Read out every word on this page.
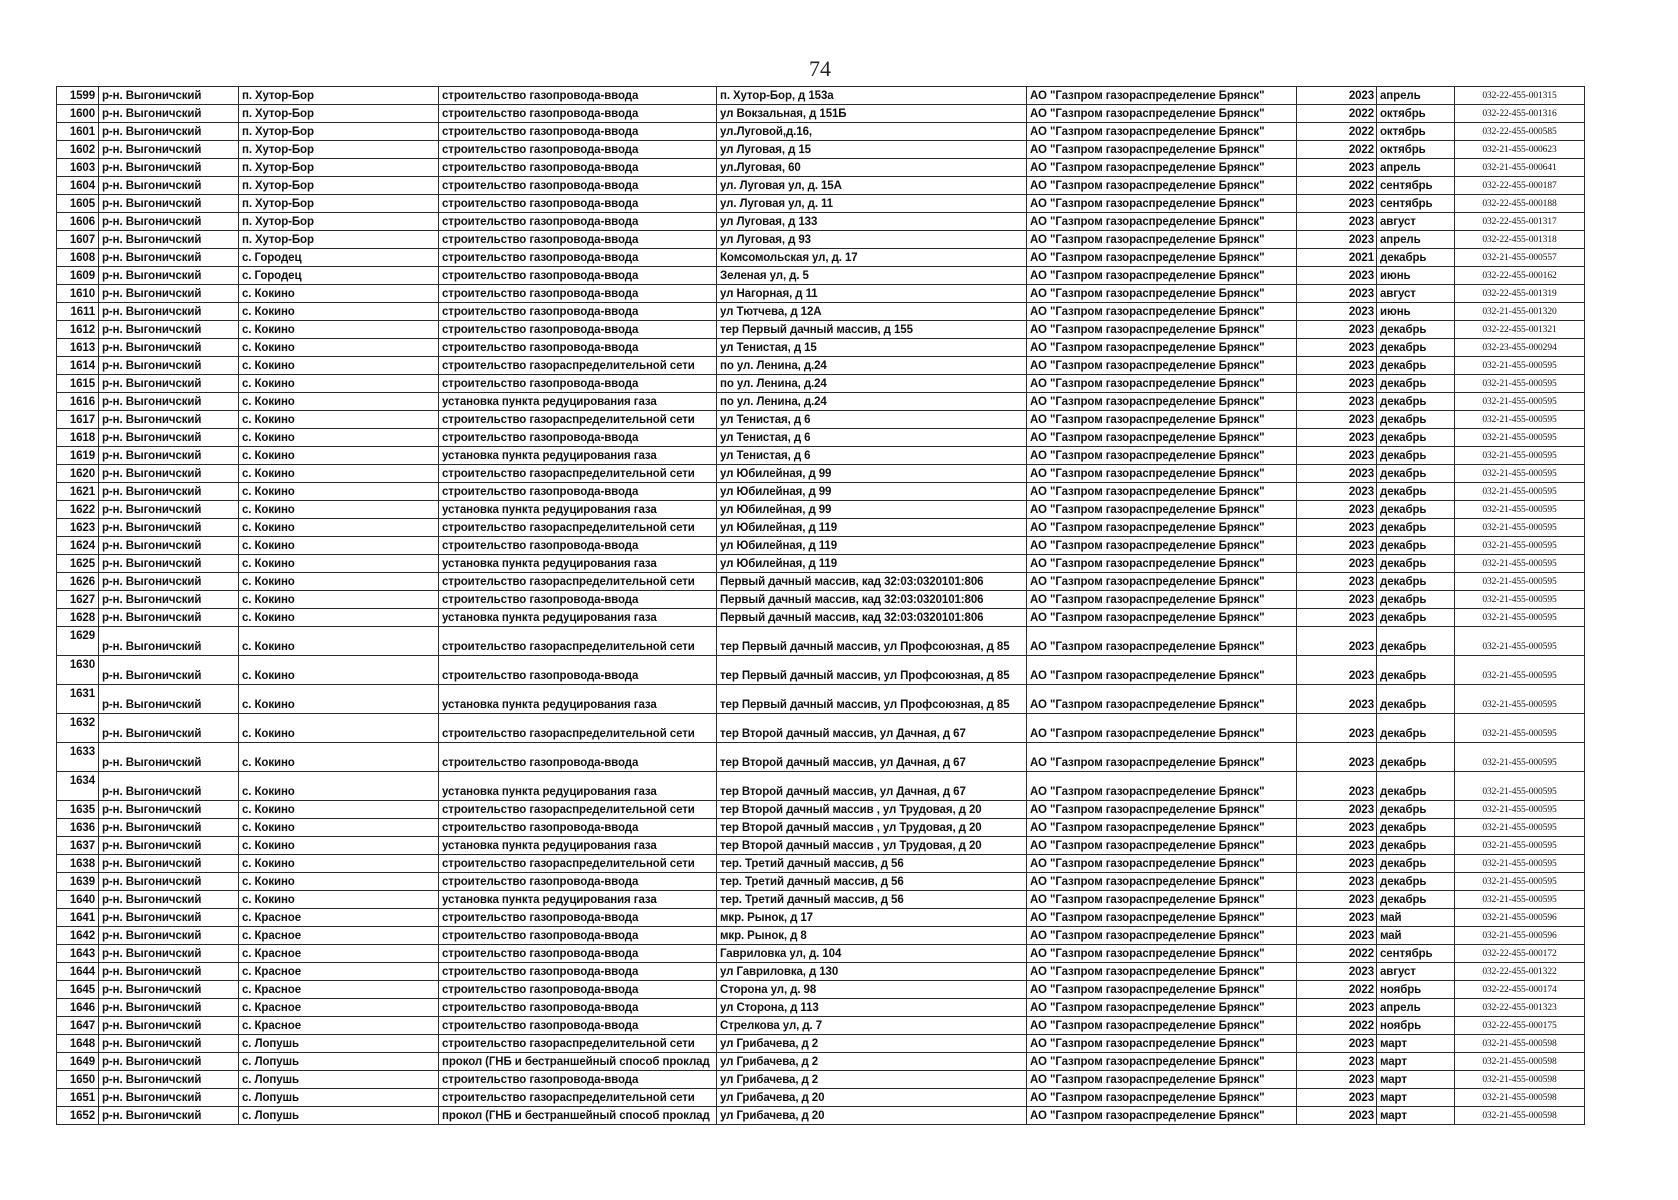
74
1599	р-н. Выгоничский	п. Хутор-Бор	строительство газопровода-ввода	п. Хутор-Бор, д 153а	АО "Газпром газораспределение Брянск"	2023	апрель	032-22-455-001315
1600	р-н. Выгоничский	п. Хутор-Бор	строительство газопровода-ввода	ул Вокзальная, д 151Б	АО "Газпром газораспределение Брянск"	2022	октябрь	032-22-455-001316
1601	р-н. Выгоничский	п. Хутор-Бор	строительство газопровода-ввода	ул.Луговой,д.16,	АО "Газпром газораспределение Брянск"	2022	октябрь	032-22-455-000585
1602	р-н. Выгоничский	п. Хутор-Бор	строительство газопровода-ввода	ул Луговая, д 15	АО "Газпром газораспределение Брянск"	2022	октябрь	032-21-455-000623
1603	р-н. Выгоничский	п. Хутор-Бор	строительство газопровода-ввода	ул.Луговая, 60	АО "Газпром газораспределение Брянск"	2023	апрель	032-21-455-000641
1604	р-н. Выгоничский	п. Хутор-Бор	строительство газопровода-ввода	ул. Луговая ул, д. 15А	АО "Газпром газораспределение Брянск"	2022	сентябрь	032-22-455-000187
1605	р-н. Выгоничский	п. Хутор-Бор	строительство газопровода-ввода	ул. Луговая ул, д. 11	АО "Газпром газораспределение Брянск"	2023	сентябрь	032-22-455-000188
1606	р-н. Выгоничский	п. Хутор-Бор	строительство газопровода-ввода	ул Луговая, д 133	АО "Газпром газораспределение Брянск"	2023	август	032-22-455-001317
1607	р-н. Выгоничский	п. Хутор-Бор	строительство газопровода-ввода	ул Луговая, д 93	АО "Газпром газораспределение Брянск"	2023	апрель	032-22-455-001318
1608	р-н. Выгоничский	с. Городец	строительство газопровода-ввода	Комсомольская ул, д. 17	АО "Газпром газораспределение Брянск"	2021	декабрь	032-21-455-000557
1609	р-н. Выгоничский	с. Городец	строительство газопровода-ввода	Зеленая ул, д. 5	АО "Газпром газораспределение Брянск"	2023	июнь	032-22-455-000162
1610	р-н. Выгоничский	с. Кокино	строительство газопровода-ввода	ул Нагорная, д 11	АО "Газпром газораспределение Брянск"	2023	август	032-22-455-001319
1611	р-н. Выгоничский	с. Кокино	строительство газопровода-ввода	ул Тютчева, д 12А	АО "Газпром газораспределение Брянск"	2023	июнь	032-21-455-001320
1612	р-н. Выгоничский	с. Кокино	строительство газопровода-ввода	тер Первый дачный массив, д 155	АО "Газпром газораспределение Брянск"	2023	декабрь	032-22-455-001321
1613	р-н. Выгоничский	с. Кокино	строительство газопровода-ввода	ул Тенистая, д 15	АО "Газпром газораспределение Брянск"	2023	декабрь	032-23-455-000294
1614	р-н. Выгоничский	с. Кокино	строительство газораспределительной сети	по ул. Ленина, д.24	АО "Газпром газораспределение Брянск"	2023	декабрь	032-21-455-000595
1615	р-н. Выгоничский	с. Кокино	строительство газопровода-ввода	по ул. Ленина, д.24	АО "Газпром газораспределение Брянск"	2023	декабрь	032-21-455-000595
1616	р-н. Выгоничский	с. Кокино	установка пункта редуцирования газа	по ул. Ленина, д.24	АО "Газпром газораспределение Брянск"	2023	декабрь	032-21-455-000595
1617	р-н. Выгоничский	с. Кокино	строительство газораспределительной сети	ул Тенистая, д 6	АО "Газпром газораспределение Брянск"	2023	декабрь	032-21-455-000595
1618	р-н. Выгоничский	с. Кокино	строительство газопровода-ввода	ул Тенистая, д 6	АО "Газпром газораспределение Брянск"	2023	декабрь	032-21-455-000595
1619	р-н. Выгоничский	с. Кокино	установка пункта редуцирования газа	ул Тенистая, д 6	АО "Газпром газораспределение Брянск"	2023	декабрь	032-21-455-000595
1620	р-н. Выгоничский	с. Кокино	строительство газораспределительной сети	ул Юбилейная, д 99	АО "Газпром газораспределение Брянск"	2023	декабрь	032-21-455-000595
1621	р-н. Выгоничский	с. Кокино	строительство газопровода-ввода	ул Юбилейная, д 99	АО "Газпром газораспределение Брянск"	2023	декабрь	032-21-455-000595
1622	р-н. Выгоничский	с. Кокино	установка пункта редуцирования газа	ул Юбилейная, д 99	АО "Газпром газораспределение Брянск"	2023	декабрь	032-21-455-000595
1623	р-н. Выгоничский	с. Кокино	строительство газораспределительной сети	ул Юбилейная, д 119	АО "Газпром газораспределение Брянск"	2023	декабрь	032-21-455-000595
1624	р-н. Выгоничский	с. Кокино	строительство газопровода-ввода	ул Юбилейная, д 119	АО "Газпром газораспределение Брянск"	2023	декабрь	032-21-455-000595
1625	р-н. Выгоничский	с. Кокино	установка пункта редуцирования газа	ул Юбилейная, д 119	АО "Газпром газораспределение Брянск"	2023	декабрь	032-21-455-000595
1626	р-н. Выгоничский	с. Кокино	строительство газораспределительной сети	Первый дачный массив, кад 32:03:0320101:806	АО "Газпром газораспределение Брянск"	2023	декабрь	032-21-455-000595
1627	р-н. Выгоничский	с. Кокино	строительство газопровода-ввода	Первый дачный массив, кад 32:03:0320101:806	АО "Газпром газораспределение Брянск"	2023	декабрь	032-21-455-000595
1628	р-н. Выгоничский	с. Кокино	установка пункта редуцирования газа	Первый дачный массив, кад 32:03:0320101:806	АО "Газпром газораспределение Брянск"	2023	декабрь	032-21-455-000595
1629	р-н. Выгоничский	с. Кокино	строительство газораспределительной сети	тер Первый дачный массив, ул Профсоюзная, д 85	АО "Газпром газораспределение Брянск"	2023	декабрь	032-21-455-000595
1630	р-н. Выгоничский	с. Кокино	строительство газопровода-ввода	тер Первый дачный массив, ул Профсоюзная, д 85	АО "Газпром газораспределение Брянск"	2023	декабрь	032-21-455-000595
1631	р-н. Выгоничский	с. Кокино	установка пункта редуцирования газа	тер Первый дачный массив, ул Профсоюзная, д 85	АО "Газпром газораспределение Брянск"	2023	декабрь	032-21-455-000595
1632	р-н. Выгоничский	с. Кокино	строительство газораспределительной сети	тер Второй дачный массив, ул Дачная, д 67	АО "Газпром газораспределение Брянск"	2023	декабрь	032-21-455-000595
1633	р-н. Выгоничский	с. Кокино	строительство газопровода-ввода	тер Второй дачный массив, ул Дачная, д 67	АО "Газпром газораспределение Брянск"	2023	декабрь	032-21-455-000595
1634	р-н. Выгоничский	с. Кокино	установка пункта редуцирования газа	тер Второй дачный массив, ул Дачная, д 67	АО "Газпром газораспределение Брянск"	2023	декабрь	032-21-455-000595
1635	р-н. Выгоничский	с. Кокино	строительство газораспределительной сети	тер Второй дачный массив , ул Трудовая, д 20	АО "Газпром газораспределение Брянск"	2023	декабрь	032-21-455-000595
1636	р-н. Выгоничский	с. Кокино	строительство газопровода-ввода	тер Второй дачный массив , ул Трудовая, д 20	АО "Газпром газораспределение Брянск"	2023	декабрь	032-21-455-000595
1637	р-н. Выгоничский	с. Кокино	установка пункта редуцирования газа	тер Второй дачный массив , ул Трудовая, д 20	АО "Газпром газораспределение Брянск"	2023	декабрь	032-21-455-000595
1638	р-н. Выгоничский	с. Кокино	строительство газораспределительной сети	тер. Третий дачный массив, д 56	АО "Газпром газораспределение Брянск"	2023	декабрь	032-21-455-000595
1639	р-н. Выгоничский	с. Кокино	строительство газопровода-ввода	тер. Третий дачный массив, д 56	АО "Газпром газораспределение Брянск"	2023	декабрь	032-21-455-000595
1640	р-н. Выгоничский	с. Кокино	установка пункта редуцирования газа	тер. Третий дачный массив, д 56	АО "Газпром газораспределение Брянск"	2023	декабрь	032-21-455-000595
1641	р-н. Выгоничский	с. Красное	строительство газопровода-ввода	мкр. Рынок, д 17	АО "Газпром газораспределение Брянск"	2023	май	032-21-455-000596
1642	р-н. Выгоничский	с. Красное	строительство газопровода-ввода	мкр. Рынок, д 8	АО "Газпром газораспределение Брянск"	2023	май	032-21-455-000596
1643	р-н. Выгоничский	с. Красное	строительство газопровода-ввода	Гавриловка ул, д. 104	АО "Газпром газораспределение Брянск"	2022	сентябрь	032-22-455-000172
1644	р-н. Выгоничский	с. Красное	строительство газопровода-ввода	ул Гавриловка, д 130	АО "Газпром газораспределение Брянск"	2023	август	032-22-455-001322
1645	р-н. Выгоничский	с. Красное	строительство газопровода-ввода	Сторона ул, д. 98	АО "Газпром газораспределение Брянск"	2022	ноябрь	032-22-455-000174
1646	р-н. Выгоничский	с. Красное	строительство газопровода-ввода	ул Сторона, д 113	АО "Газпром газораспределение Брянск"	2023	апрель	032-22-455-001323
1647	р-н. Выгоничский	с. Красное	строительство газопровода-ввода	Стрелкова ул, д. 7	АО "Газпром газораспределение Брянск"	2022	ноябрь	032-22-455-000175
1648	р-н. Выгоничский	с. Лопушь	строительство газораспределительной сети	ул Грибачева, д 2	АО "Газпром газораспределение Брянск"	2023	март	032-21-455-000598
1649	р-н. Выгоничский	с. Лопушь	прокол (ГНБ и бестраншейный способ проклад	ул Грибачева, д 2	АО "Газпром газораспределение Брянск"	2023	март	032-21-455-000598
1650	р-н. Выгоничский	с. Лопушь	строительство газопровода-ввода	ул Грибачева, д 2	АО "Газпром газораспределение Брянск"	2023	март	032-21-455-000598
1651	р-н. Выгоничский	с. Лопушь	строительство газораспределительной сети	ул Грибачева, д 20	АО "Газпром газораспределение Брянск"	2023	март	032-21-455-000598
1652	р-н. Выгоничский	с. Лопушь	прокол (ГНБ и бестраншейный способ проклад	ул Грибачева, д 20	АО "Газпром газораспределение Брянск"	2023	март	032-21-455-000598
